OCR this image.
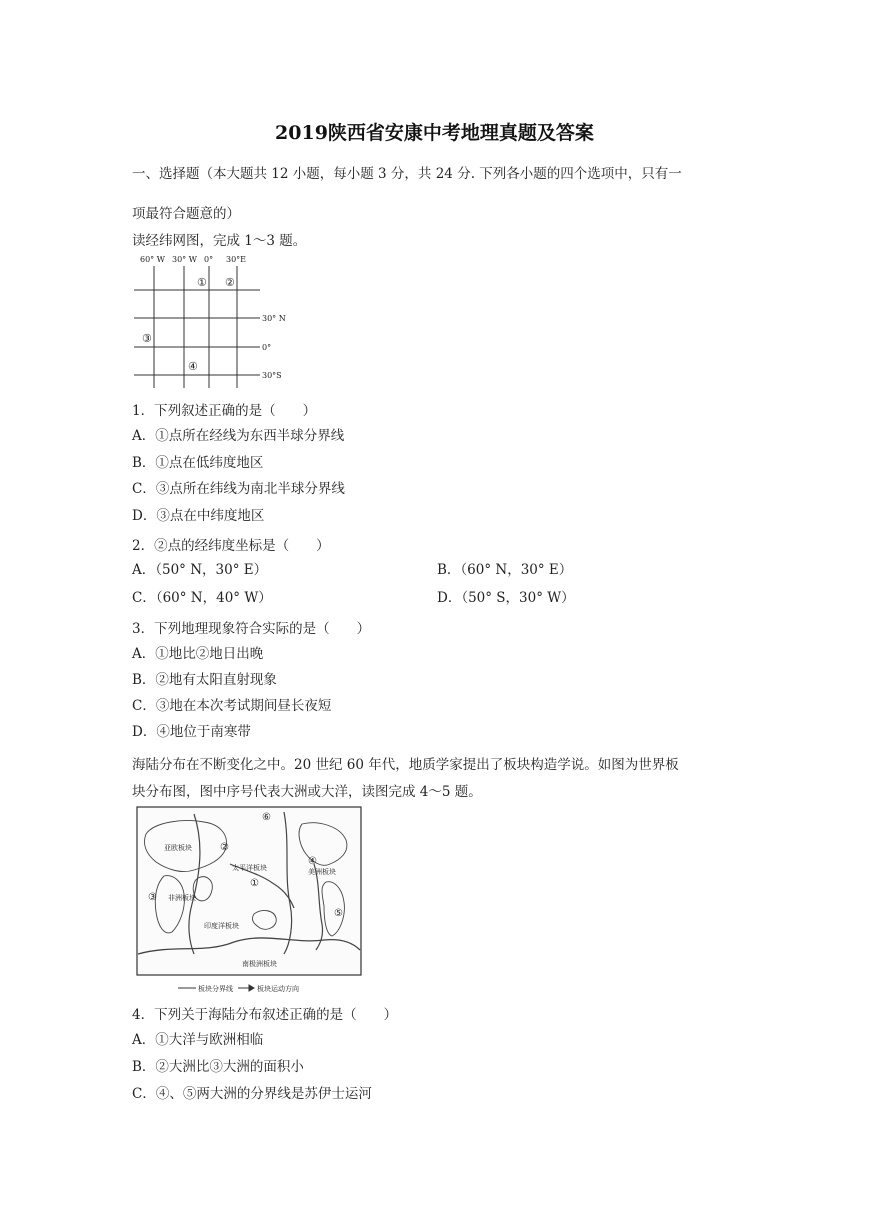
2019陕西省安康中考地理真题及答案
一、选择题（本大题共 12 小题，每小题 3 分，共 24 分. 下列各小题的四个选项中，只有一
项最符合题意的）
读经纬网图，完成 1～3 题。
60° W 30° W 0° 30°E
30° N
0°
30°S
① ②
③
④
1．下列叙述正确的是（　　）
A．①点所在经线为东西半球分界线
B．①点在低纬度地区
C．③点所在纬线为南北半球分界线
D．③点在中纬度地区
2．②点的经纬度坐标是（　　）
A．（50° N，30° E）	B．（60° N，30° E）
C．（60° N，40° W）	D．（50° S，30° W）
3．下列地理现象符合实际的是（　　）
A．①地比②地日出晚
B．②地有太阳直射现象
C．③地在本次考试期间昼长夜短
D．④地位于南寒带
海陆分布在不断变化之中。20 世纪 60 年代，地质学家提出了板块构造学说。如图为世界板
块分布图，图中序号代表大洲或大洋，读图完成 4～5 题。
亚欧板块
太平洋板块
印度洋板块
南极洲板块
美洲板块
非洲板块
①
②
③
④
⑤
⑥
板块分界线	板块运动方向
4．下列关于海陆分布叙述正确的是（　　）
A．①大洋与欧洲相临
B．②大洲比③大洲的面积小
C．④、⑤两大洲的分界线是苏伊士运河
